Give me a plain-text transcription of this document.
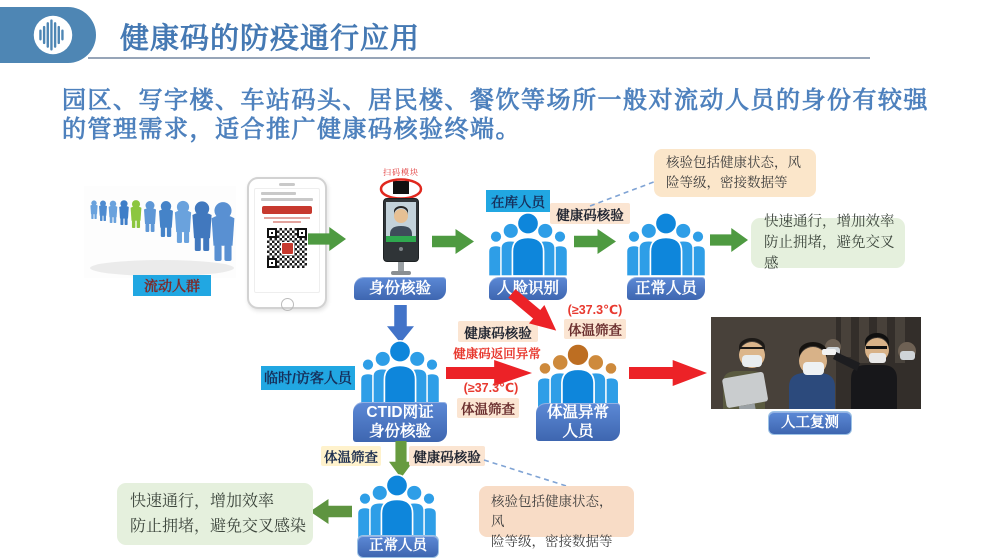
健康码的防疫通行应用
园区、写字楼、车站码头、居民楼、餐饮等场所一般对流动人员的身份有较强
的管理需求，适合推广健康码核验终端。
流动人群
扫码模块
身份核验
在库人员
人脸识别
健康码核验
核验包括健康状态，风
险等级，密接数据等
正常人员
快速通行，增加效率
防止拥堵，避免交叉感
临时/访客人员
CTID网证
身份核验
健康码核验
健康码返回异常
(≥37.3℃)
体温筛查
(≥37.3℃)
体温筛查
体温异常
人员
人工复测
体温筛查	健康码核验
正常人员
快速通行，增加效率
防止拥堵，避免交叉感染
核验包括健康状态，风
险等级，密接数据等
